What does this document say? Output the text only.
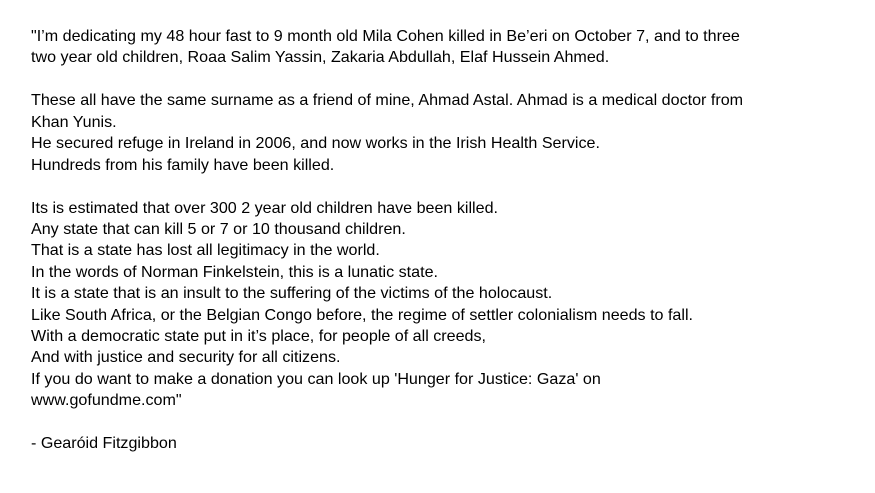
"I’m dedicating my 48 hour fast to 9 month old Mila Cohen killed in Be’eri on October 7, and to three
two year old children, Roaa Salim Yassin, Zakaria Abdullah, Elaf Hussein Ahmed.

These all have the same surname as a friend of mine, Ahmad Astal. Ahmad is a medical doctor from
Khan Yunis.
He secured refuge in Ireland in 2006, and now works in the Irish Health Service.
Hundreds from his family have been killed.

Its is estimated that over 300 2 year old children have been killed.
Any state that can kill 5 or 7 or 10 thousand children.
That is a state has lost all legitimacy in the world.
In the words of Norman Finkelstein, this is a lunatic state.
It is a state that is an insult to the suffering of the victims of the holocaust.
Like South Africa, or the Belgian Congo before, the regime of settler colonialism needs to fall.
With a democratic state put in it’s place, for people of all creeds,
And with justice and security for all citizens.
If you do want to make a donation you can look up 'Hunger for Justice: Gaza' on
www.gofundme.com"

- Gearóid Fitzgibbon
